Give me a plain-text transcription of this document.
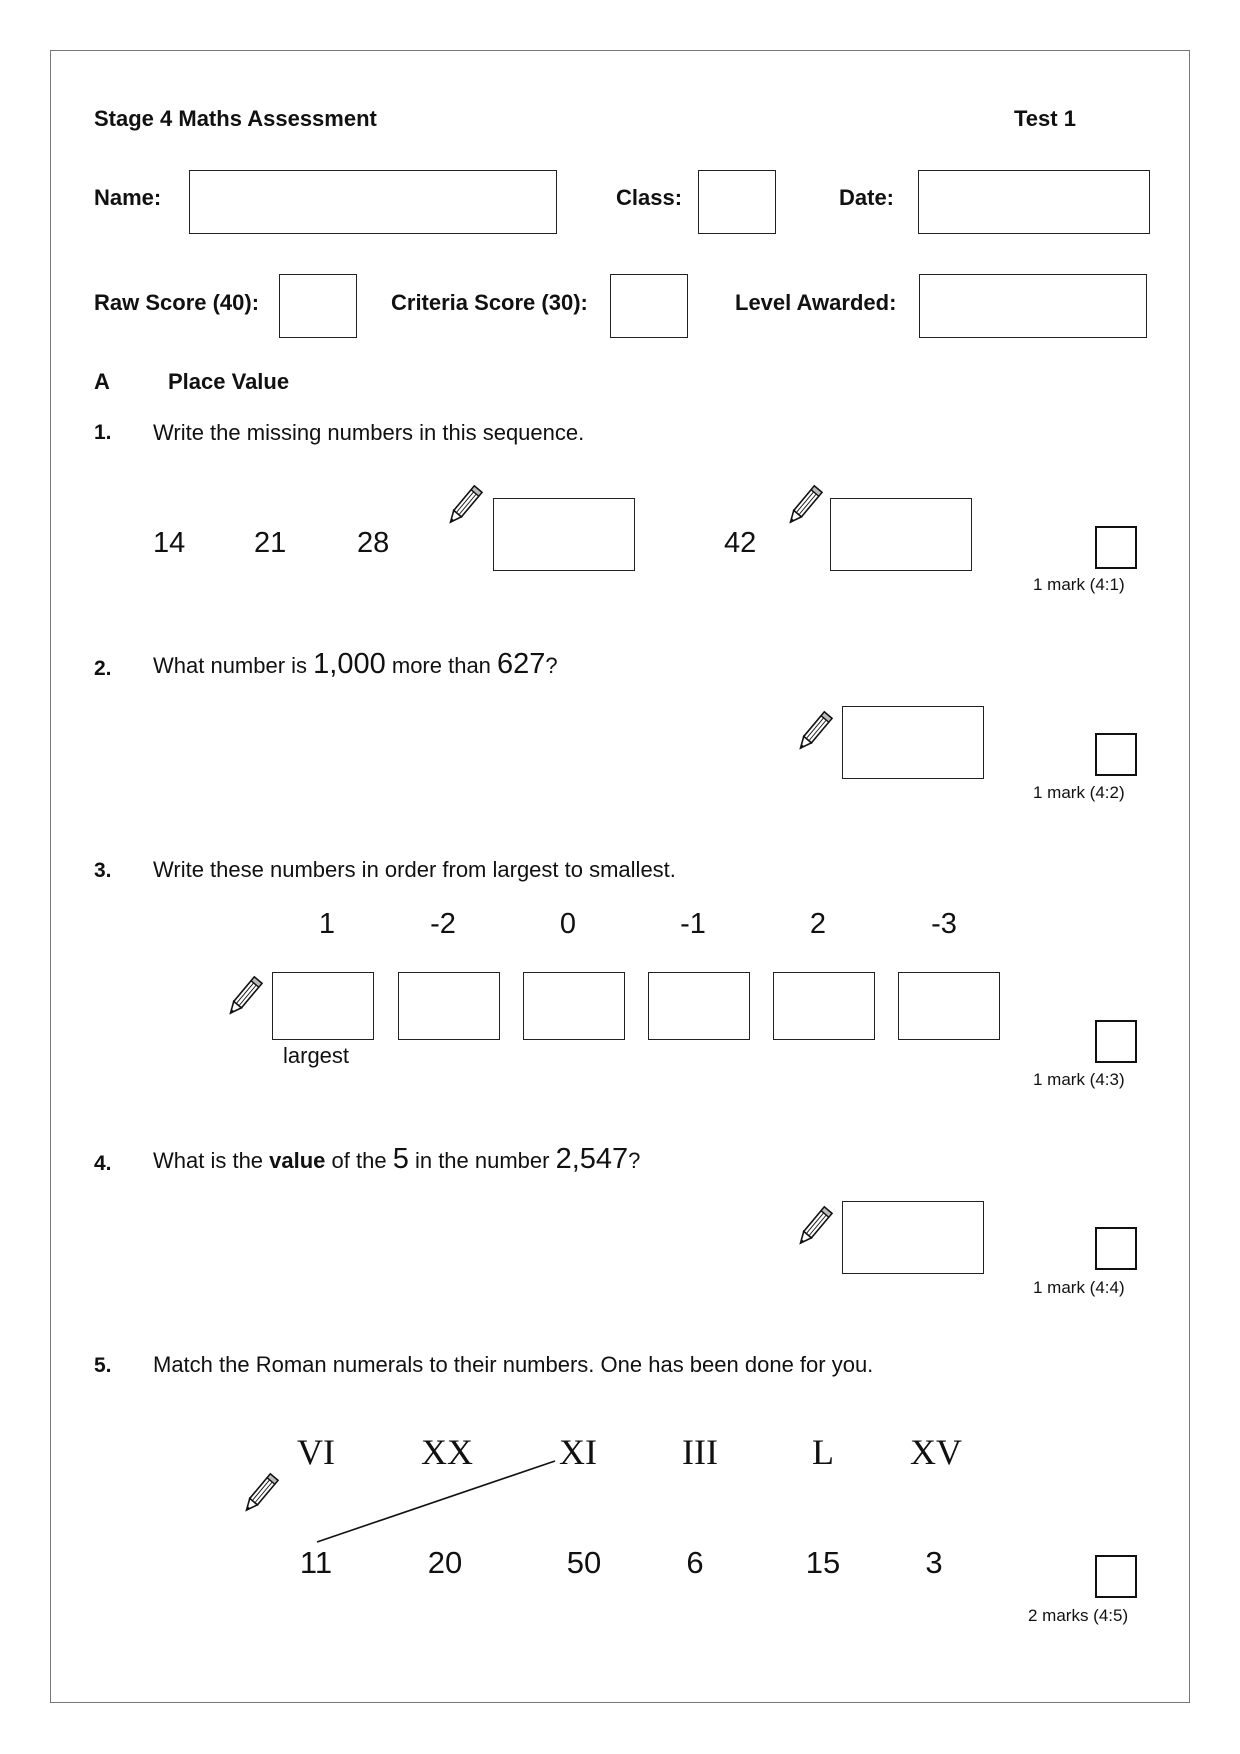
Stage 4 Maths Assessment	Test 1
Name:	Class:	Date:
Raw Score (40):	Criteria Score (30):	Level Awarded:
A	Place Value
1. Write the missing numbers in this sequence.
14 21 28	42
1 mark (4:1)
2. What number is 1,000 more than 627?
1 mark (4:2)
3. Write these numbers in order from largest to smallest.
1	-2	0	-1	2	-3
largest
1 mark (4:3)
4. What is the value of the 5 in the number 2,547?
1 mark (4:4)
5. Match the Roman numerals to their numbers. One has been done for you.
VI	XX	XI	III	L	XV
11	20	50	6	15	3
2 marks (4:5)
